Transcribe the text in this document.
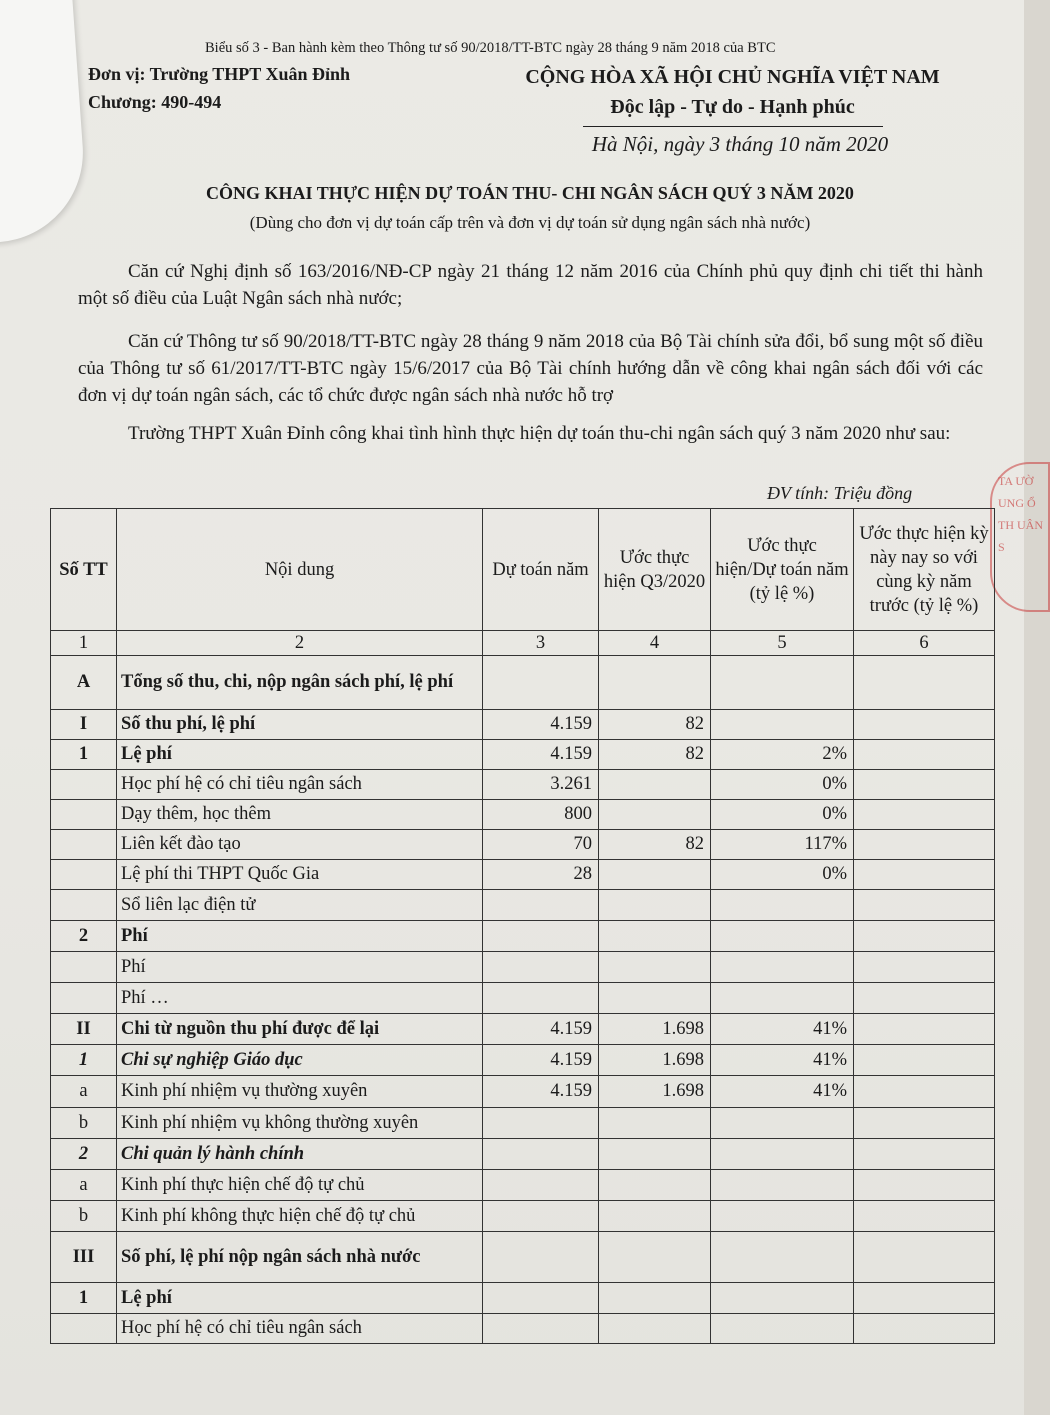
Biểu số 3 - Ban hành kèm theo Thông tư số 90/2018/TT-BTC ngày 28 tháng 9 năm 2018 của BTC
Đơn vị: Trường THPT Xuân Đỉnh
Chương: 490-494
CỘNG HÒA XÃ HỘI CHỦ NGHĨA VIỆT NAM
Độc lập - Tự do - Hạnh phúc
Hà Nội, ngày 3 tháng 10 năm 2020
CÔNG KHAI THỰC HIỆN DỰ TOÁN THU- CHI NGÂN SÁCH QUÝ 3 NĂM 2020
(Dùng cho đơn vị dự toán cấp trên và đơn vị dự toán sử dụng ngân sách nhà nước)
Căn cứ Nghị định số 163/2016/NĐ-CP ngày 21 tháng 12 năm 2016 của Chính phủ quy định chi tiết thi hành một số điều của Luật Ngân sách nhà nước;
Căn cứ Thông tư số 90/2018/TT-BTC ngày 28 tháng 9 năm 2018 của Bộ Tài chính sửa đổi, bổ sung một số điều của Thông tư số 61/2017/TT-BTC ngày 15/6/2017 của Bộ Tài chính hướng dẫn về công khai ngân sách đối với các đơn vị dự toán ngân sách, các tổ chức được ngân sách nhà nước hỗ trợ
Trường THPT Xuân Đỉnh công khai tình hình thực hiện dự toán thu-chi ngân sách quý 3 năm 2020 như sau:
ĐV tính: Triệu đồng
TA ƯỜ UNG Ổ TH UÂN S
Số TT	Nội dung	Dự toán năm	Ước thực hiện Q3/2020	Ước thực hiện/Dự toán năm (tỷ lệ %)	Ước thực hiện kỳ này nay so với cùng kỳ năm trước (tỷ lệ %)
1	2	3	4	5	6
A	Tổng số thu, chi, nộp ngân sách phí, lệ phí				
I	Số thu phí, lệ phí	4.159	82		
1	Lệ phí	4.159	82	2%	
	Học phí hệ có chỉ tiêu ngân sách	3.261		0%	
	Dạy thêm, học thêm	800		0%	
	Liên kết đào tạo	70	82	117%	
	Lệ phí thi THPT Quốc Gia	28		0%	
	Sổ liên lạc điện tử				
2	Phí				
	Phí				
	Phí …				
II	Chi từ nguồn thu phí được để lại	4.159	1.698	41%	
1	Chi sự nghiệp Giáo dục	4.159	1.698	41%	
a	Kinh phí nhiệm vụ thường xuyên	4.159	1.698	41%	
b	Kinh phí nhiệm vụ không thường xuyên				
2	Chi quản lý hành chính				
a	Kinh phí thực hiện chế độ tự chủ				
b	Kinh phí không thực hiện chế độ tự chủ				
III	Số phí, lệ phí nộp ngân sách nhà nước				
1	Lệ phí				
	Học phí hệ có chỉ tiêu ngân sách				
